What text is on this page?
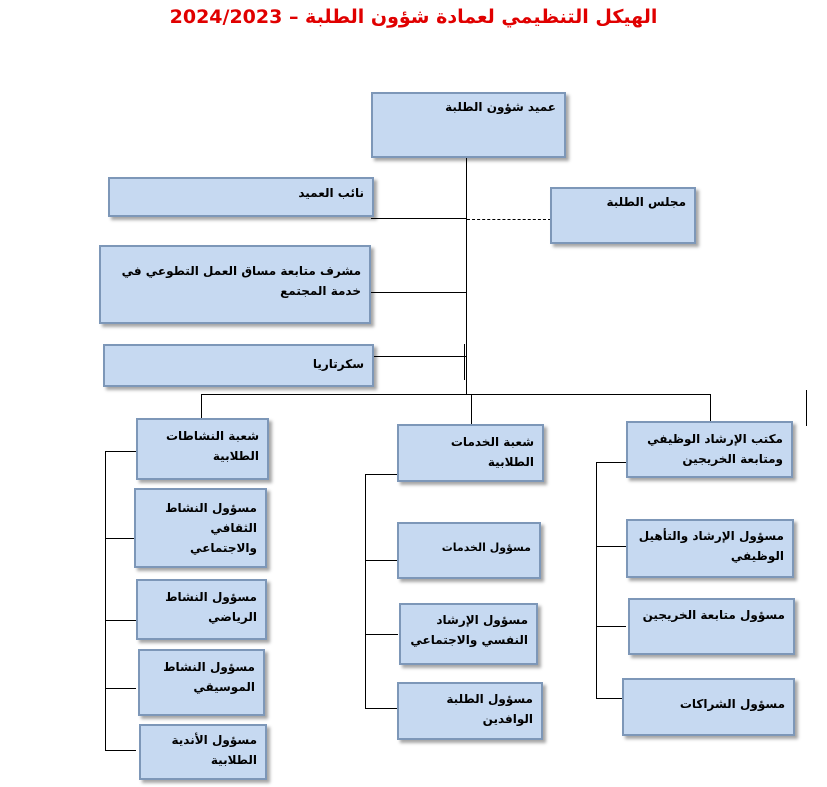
الهيكل التنظيمي لعمادة شؤون الطلبة – 2024/2023
عميد شؤون الطلبة
نائب العميد
مجلس الطلبة
مشرف متابعة مساق العمل التطوعي في خدمة المجتمع
سكرتاريا
شعبة النشاطات الطلابية
شعبة الخدمات الطلابية
مكتب الإرشاد الوظيفي ومتابعة الخريجين
مسؤول النشاط الثقافي والاجتماعي
مسؤول النشاط الرياضي
مسؤول النشاط الموسيقي
مسؤول الأندية الطلابية
مسؤول الخدمات
مسؤول الإرشاد النفسي والاجتماعي
مسؤول الطلبة الوافدين
مسؤول الإرشاد والتأهيل الوظيفي
مسؤول متابعة الخريجين
مسؤول الشراكات
